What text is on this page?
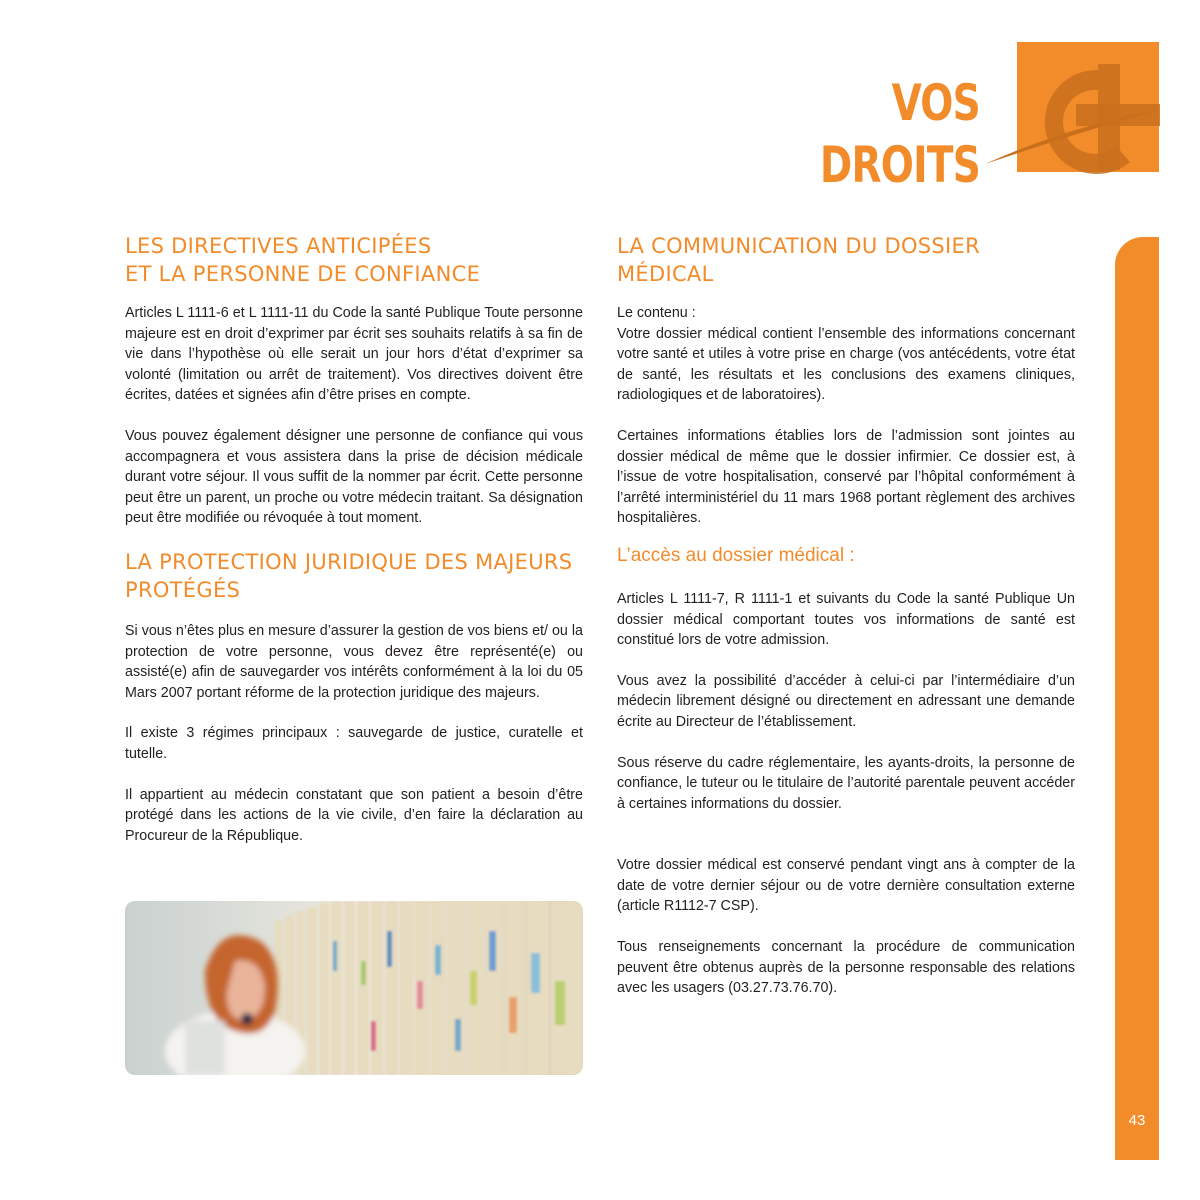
VOS DROITS
43
LES DIRECTIVES ANTICIPÉES
ET LA PERSONNE DE CONFIANCE

Articles L 1111-6 et L 1111-11 du Code la santé Publique Toute personne majeure est en droit d’exprimer par écrit ses souhaits relatifs à sa fin de vie dans l’hypothèse où elle serait un jour hors d’état d’exprimer sa volonté (limitation ou arrêt de traitement). Vos directives doivent être écrites, datées et signées afin d’être prises en compte.

Vous pouvez également désigner une personne de confiance qui vous accompagnera et vous assistera dans la prise de décision médicale durant votre séjour. Il vous suffit de la nommer par écrit. Cette personne peut être un parent, un proche ou votre médecin traitant. Sa désignation peut être modifiée ou révoquée à tout moment.

LA PROTECTION JURIDIQUE DES MAJEURS
PROTÉGÉS

Si vous n’êtes plus en mesure d’assurer la gestion de vos biens et/ ou la protection de votre personne, vous devez être représenté(e) ou assisté(e) afin de sauvegarder vos intérêts conformément à la loi du 05 Mars 2007 portant réforme de la protection juridique des majeurs.

Il existe 3 régimes principaux : sauvegarde de justice, curatelle et tutelle.

Il appartient au médecin constatant que son patient a besoin d’être protégé dans les actions de la vie civile, d’en faire la déclaration au Procureur de la République.

LA COMMUNICATION DU DOSSIER
MÉDICAL

Le contenu :

Votre dossier médical contient l’ensemble des informations concernant votre santé et utiles à votre prise en charge (vos antécédents, votre état de santé, les résultats et les conclusions des examens cliniques, radiologiques et de laboratoires).

Certaines informations établies lors de l’admission sont jointes au dossier médical de même que le dossier infirmier. Ce dossier est, à l’issue de votre hospitalisation, conservé par l’hôpital conformément à l’arrêté interministériel du 11 mars 1968 portant règlement des archives hospitalières.

L’accès au dossier médical :

Articles L 1111-7, R 1111-1 et suivants du Code la santé Publique Un dossier médical comportant toutes vos informations de santé est constitué lors de votre admission.

Vous avez la possibilité d’accéder à celui-ci par l’intermédiaire d’un médecin librement désigné ou directement en adressant une demande écrite au Directeur de l’établissement.

Sous réserve du cadre réglementaire, les ayants-droits, la personne de confiance, le tuteur ou le titulaire de l’autorité parentale peuvent accéder à certaines informations du dossier.

Votre dossier médical est conservé pendant vingt ans à compter de la date de votre dernier séjour ou de votre dernière consultation externe (article R1112-7 CSP).

Tous renseignements concernant la procédure de communication peuvent être obtenus auprès de la personne responsable des relations avec les usagers (03.27.73.76.70).
